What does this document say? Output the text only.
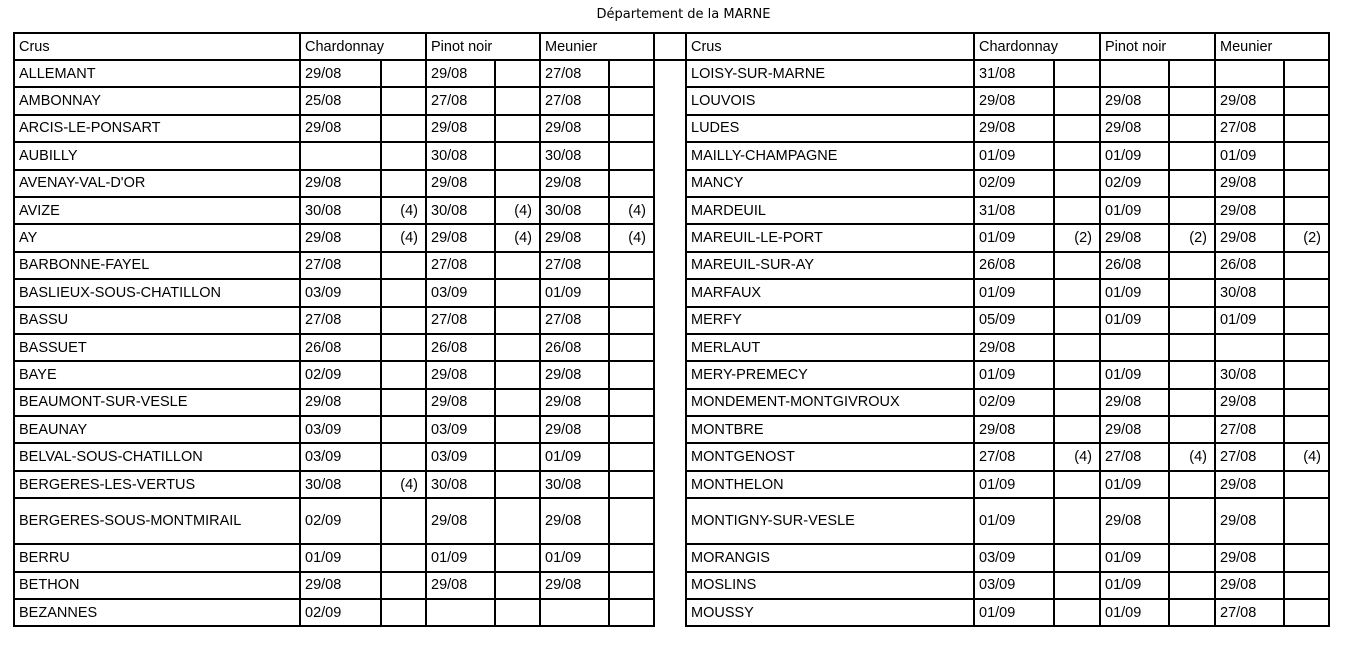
Département de la MARNE
Crus	Chardonnay		Pinot noir		Meunier			Crus	Chardonnay		Pinot noir		Meunier	
ALLEMANT	29/08		29/08		27/08			LOISY-SUR-MARNE	31/08					
AMBONNAY	25/08		27/08		27/08			LOUVOIS	29/08		29/08		29/08	
ARCIS-LE-PONSART	29/08		29/08		29/08			LUDES	29/08		29/08		27/08	
AUBILLY			30/08		30/08			MAILLY-CHAMPAGNE	01/09		01/09		01/09	
AVENAY-VAL-D'OR	29/08		29/08		29/08			MANCY	02/09		02/09		29/08	
AVIZE	30/08	(4)	30/08	(4)	30/08	(4)		MARDEUIL	31/08		01/09		29/08	
AY	29/08	(4)	29/08	(4)	29/08	(4)		MAREUIL-LE-PORT	01/09	(2)	29/08	(2)	29/08	(2)
BARBONNE-FAYEL	27/08		27/08		27/08			MAREUIL-SUR-AY	26/08		26/08		26/08	
BASLIEUX-SOUS-CHATILLON	03/09		03/09		01/09			MARFAUX	01/09		01/09		30/08	
BASSU	27/08		27/08		27/08			MERFY	05/09		01/09		01/09	
BASSUET	26/08		26/08		26/08			MERLAUT	29/08					
BAYE	02/09		29/08		29/08			MERY-PREMECY	01/09		01/09		30/08	
BEAUMONT-SUR-VESLE	29/08		29/08		29/08			MONDEMENT-MONTGIVROUX	02/09		29/08		29/08	
BEAUNAY	03/09		03/09		29/08			MONTBRE	29/08		29/08		27/08	
BELVAL-SOUS-CHATILLON	03/09		03/09		01/09			MONTGENOST	27/08	(4)	27/08	(4)	27/08	(4)
BERGERES-LES-VERTUS	30/08	(4)	30/08		30/08			MONTHELON	01/09		01/09		29/08	
BERGERES-SOUS-MONTMIRAIL	02/09		29/08		29/08			MONTIGNY-SUR-VESLE	01/09		29/08		29/08	
BERRU	01/09		01/09		01/09			MORANGIS	03/09		01/09		29/08	
BETHON	29/08		29/08		29/08			MOSLINS	03/09		01/09		29/08	
BEZANNES	02/09							MOUSSY	01/09		01/09		27/08	
